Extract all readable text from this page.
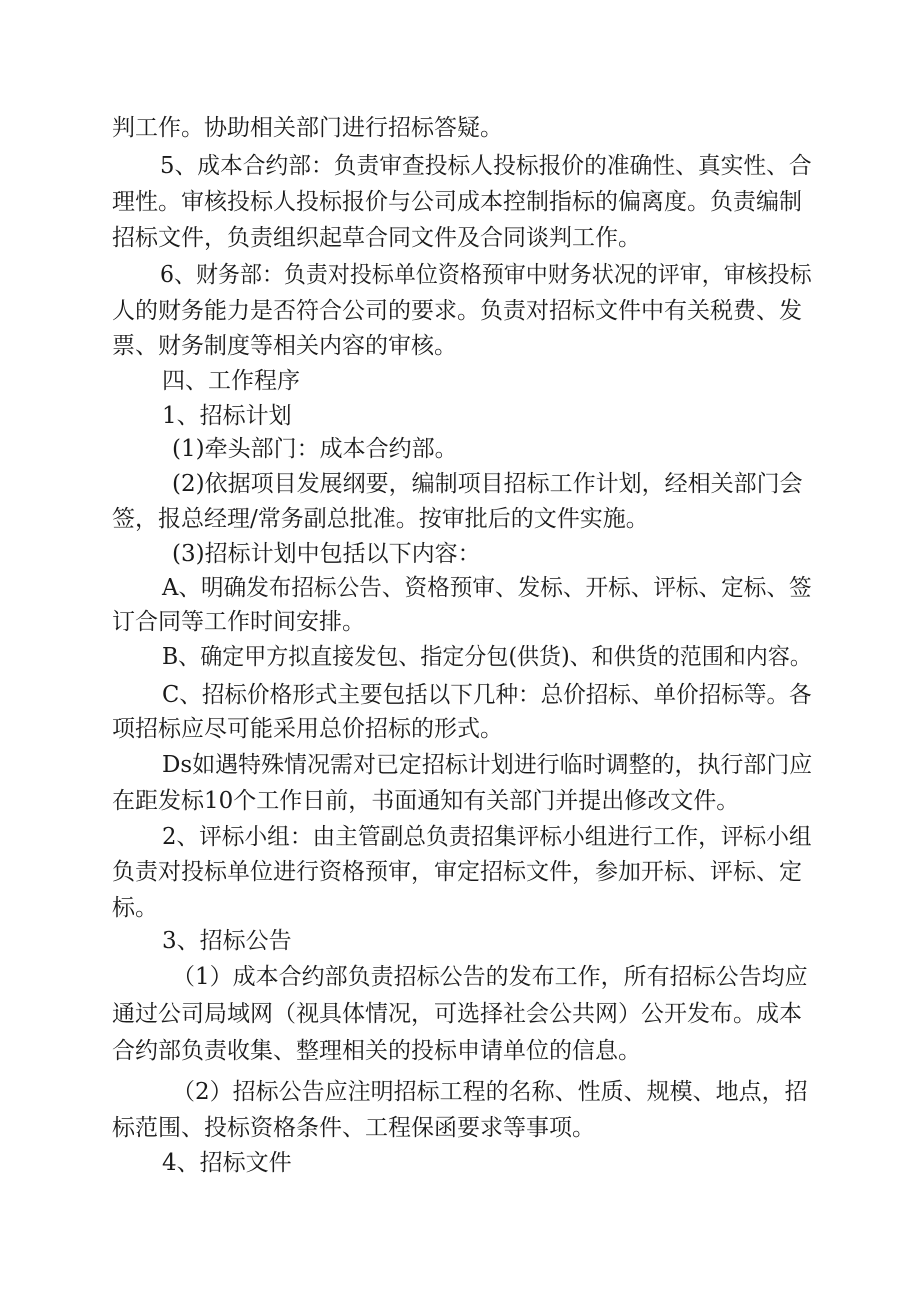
判工作。协助相关部门进行招标答疑。
5、成本合约部：负责审查投标人投标报价的准确性、真实性、合
理性。审核投标人投标报价与公司成本控制指标的偏离度。负责编制
招标文件，负责组织起草合同文件及合同谈判工作。
6、财务部：负责对投标单位资格预审中财务状况的评审，审核投标
人的财务能力是否符合公司的要求。负责对招标文件中有关税费、发
票、财务制度等相关内容的审核。
四、工作程序
1、招标计划
(1)牵头部门：成本合约部。
(2)依据项目发展纲要，编制项目招标工作计划，经相关部门会
签，报总经理/常务副总批准。按审批后的文件实施。
(3)招标计划中包括以下内容：
A、明确发布招标公告、资格预审、发标、开标、评标、定标、签
订合同等工作时间安排。
B、确定甲方拟直接发包、指定分包(供货)、和供货的范围和内容。
C、招标价格形式主要包括以下几种：总价招标、单价招标等。各
项招标应尽可能采用总价招标的形式。
Ds如遇特殊情况需对已定招标计划进行临时调整的，执行部门应
在距发标10个工作日前，书面通知有关部门并提出修改文件。
2、评标小组：由主管副总负责招集评标小组进行工作，评标小组
负责对投标单位进行资格预审，审定招标文件，参加开标、评标、定
标。
3、招标公告
（1）成本合约部负责招标公告的发布工作，所有招标公告均应
通过公司局域网（视具体情况，可选择社会公共网）公开发布。成本
合约部负责收集、整理相关的投标申请单位的信息。
（2）招标公告应注明招标工程的名称、性质、规模、地点，招
标范围、投标资格条件、工程保函要求等事项。
4、招标文件
